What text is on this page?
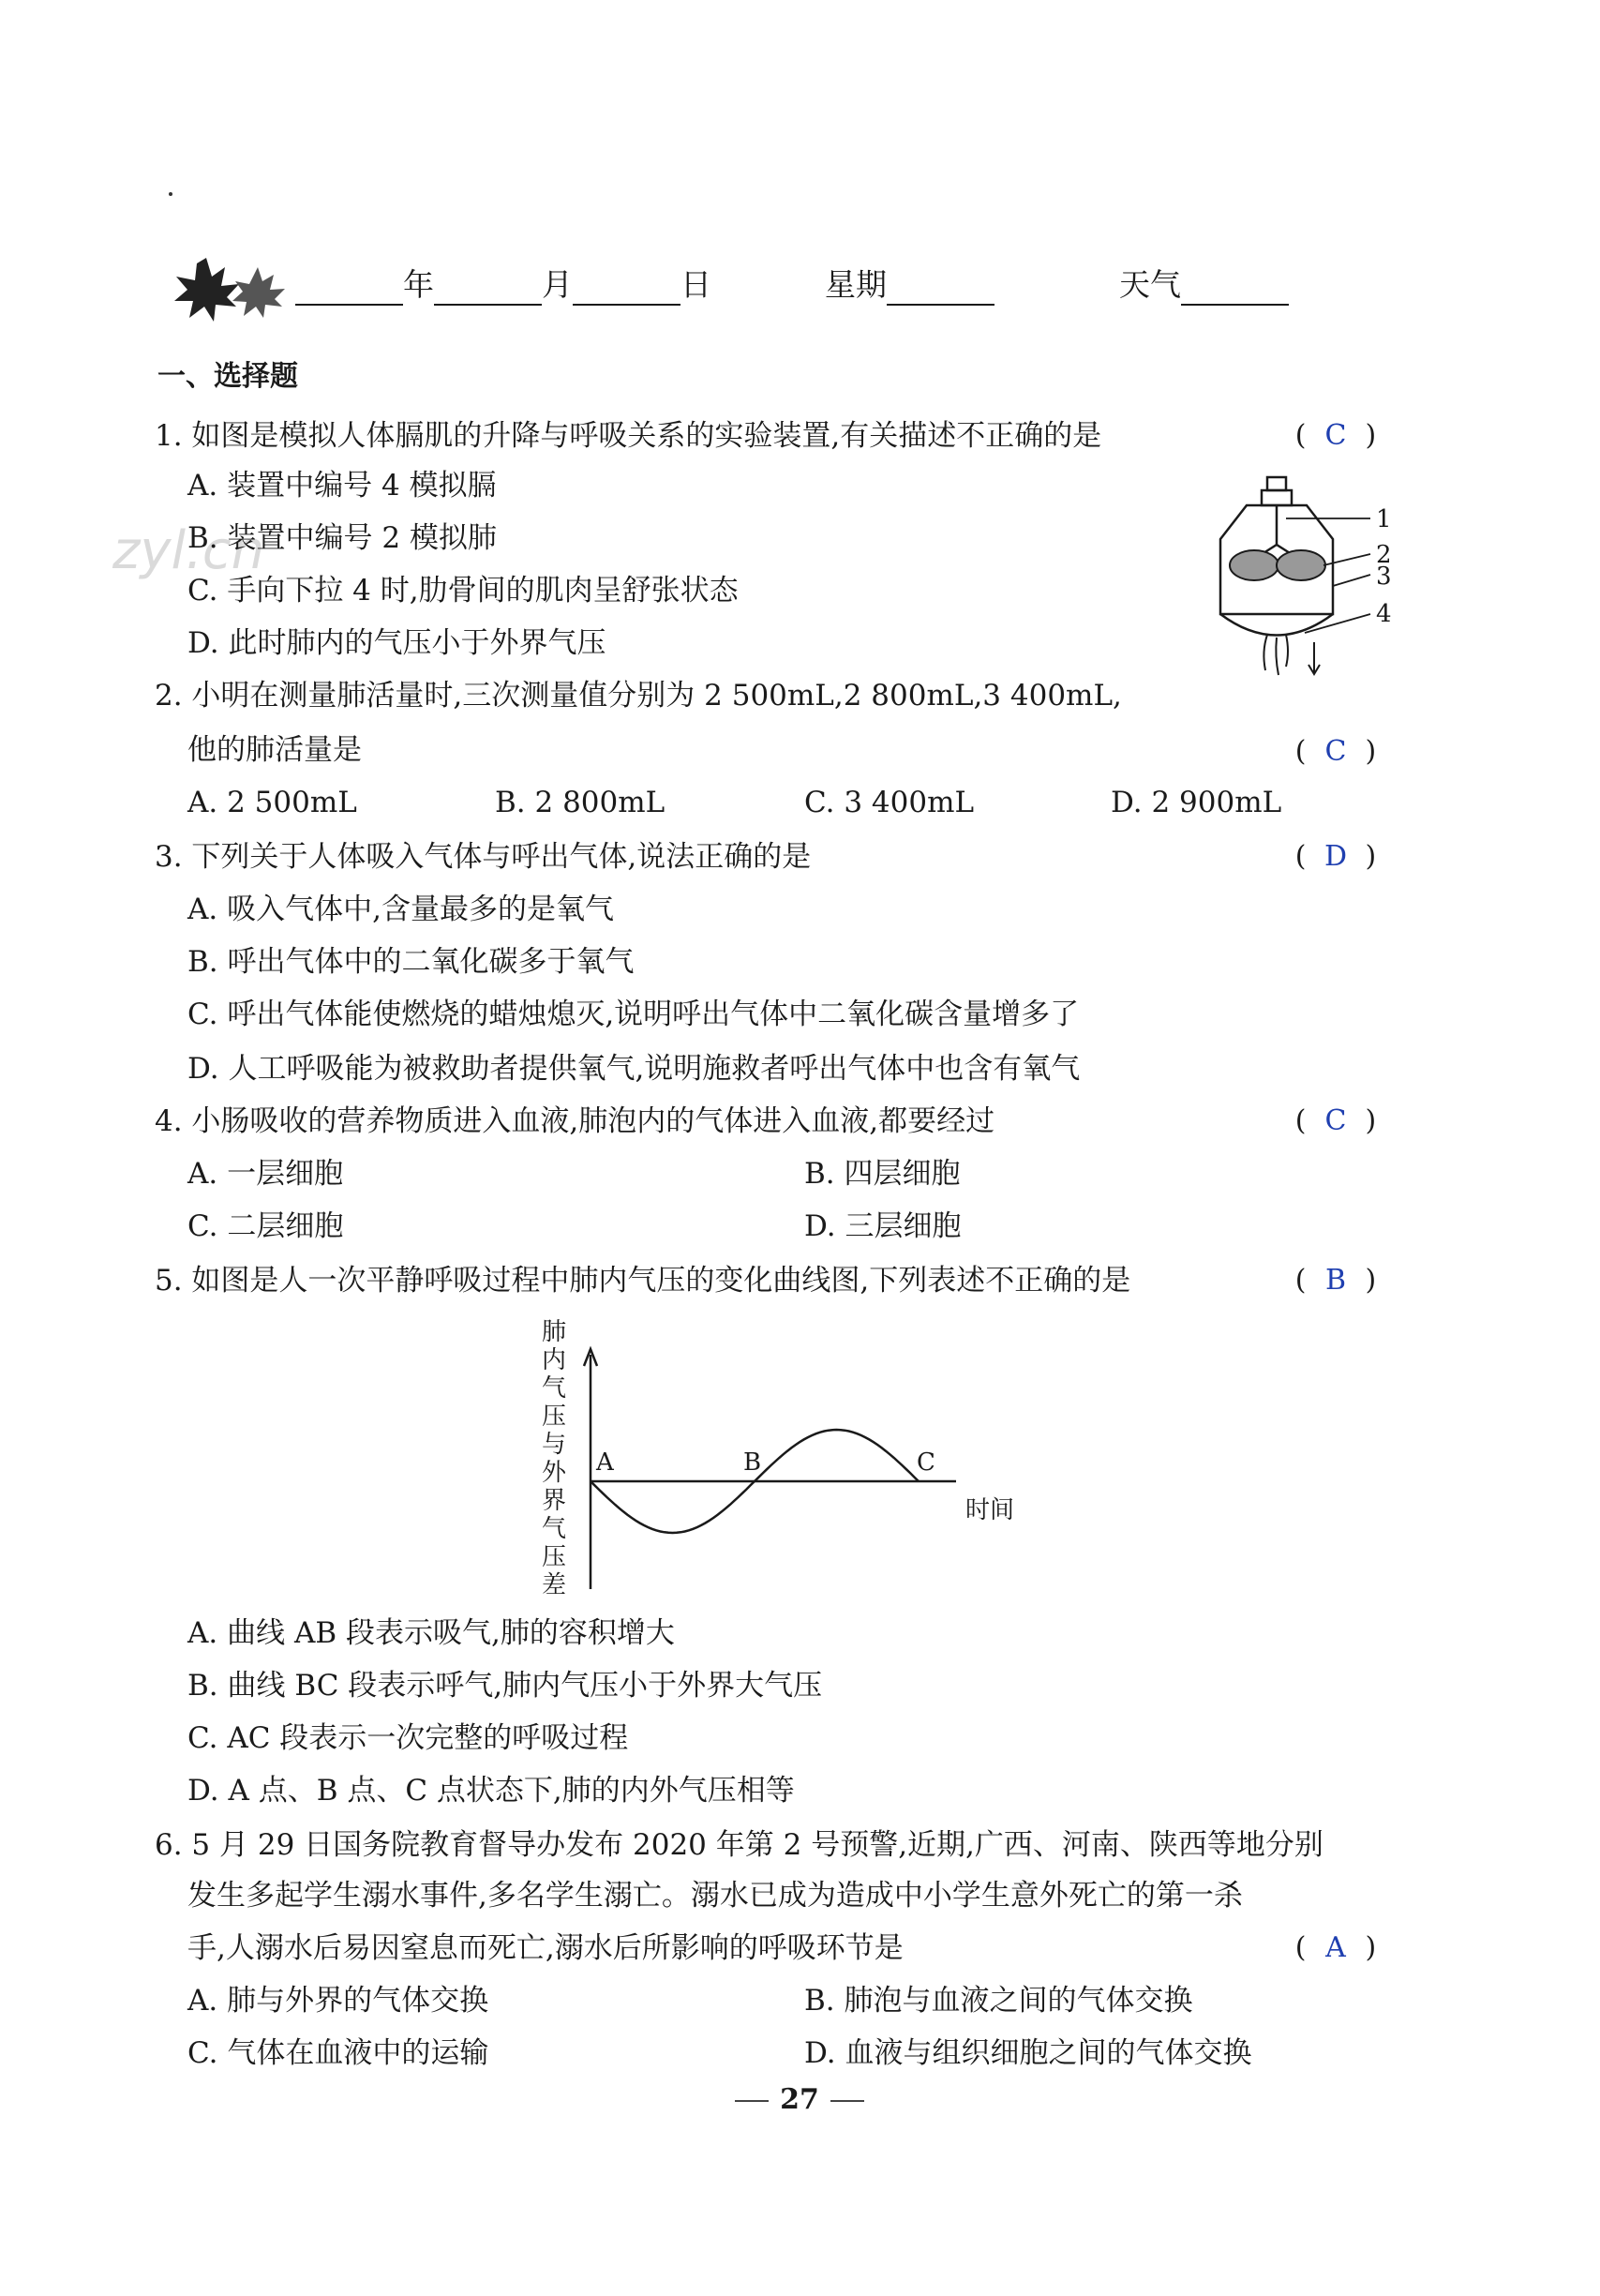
年	月	日	星期	天气
一、选择题
zyl.cn
1. 如图是模拟人体膈肌的升降与呼吸关系的实验装置,有关描述不正确的是	( C )
A. 装置中编号 4 模拟膈
B. 装置中编号 2 模拟肺
C. 手向下拉 4 时,肋骨间的肌肉呈舒张状态
D. 此时肺内的气压小于外界气压
1
2
3
4
2. 小明在测量肺活量时,三次测量值分别为 2 500mL,2 800mL,3 400mL,
他的肺活量是	( C )
A. 2 500mL	B. 2 800mL	C. 3 400mL	D. 2 900mL
3. 下列关于人体吸入气体与呼出气体,说法正确的是	( D )
A. 吸入气体中,含量最多的是氧气
B. 呼出气体中的二氧化碳多于氧气
C. 呼出气体能使燃烧的蜡烛熄灭,说明呼出气体中二氧化碳含量增多了
D. 人工呼吸能为被救助者提供氧气,说明施救者呼出气体中也含有氧气
4. 小肠吸收的营养物质进入血液,肺泡内的气体进入血液,都要经过	( C )
A. 一层细胞	B. 四层细胞
C. 二层细胞	D. 三层细胞
5. 如图是人一次平静呼吸过程中肺内气压的变化曲线图,下列表述不正确的是	( B )
肺内气压与外界气压差
时间
A	B	C
A. 曲线 AB 段表示吸气,肺的容积增大
B. 曲线 BC 段表示呼气,肺内气压小于外界大气压
C. AC 段表示一次完整的呼吸过程
D. A 点、B 点、C 点状态下,肺的内外气压相等
6. 5 月 29 日国务院教育督导办发布 2020 年第 2 号预警,近期,广西、河南、陕西等地分别
发生多起学生溺水事件,多名学生溺亡。溺水已成为造成中小学生意外死亡的第一杀
手,人溺水后易因窒息而死亡,溺水后所影响的呼吸环节是	( A )
A. 肺与外界的气体交换	B. 肺泡与血液之间的气体交换
C. 气体在血液中的运输	D. 血液与组织细胞之间的气体交换
27
